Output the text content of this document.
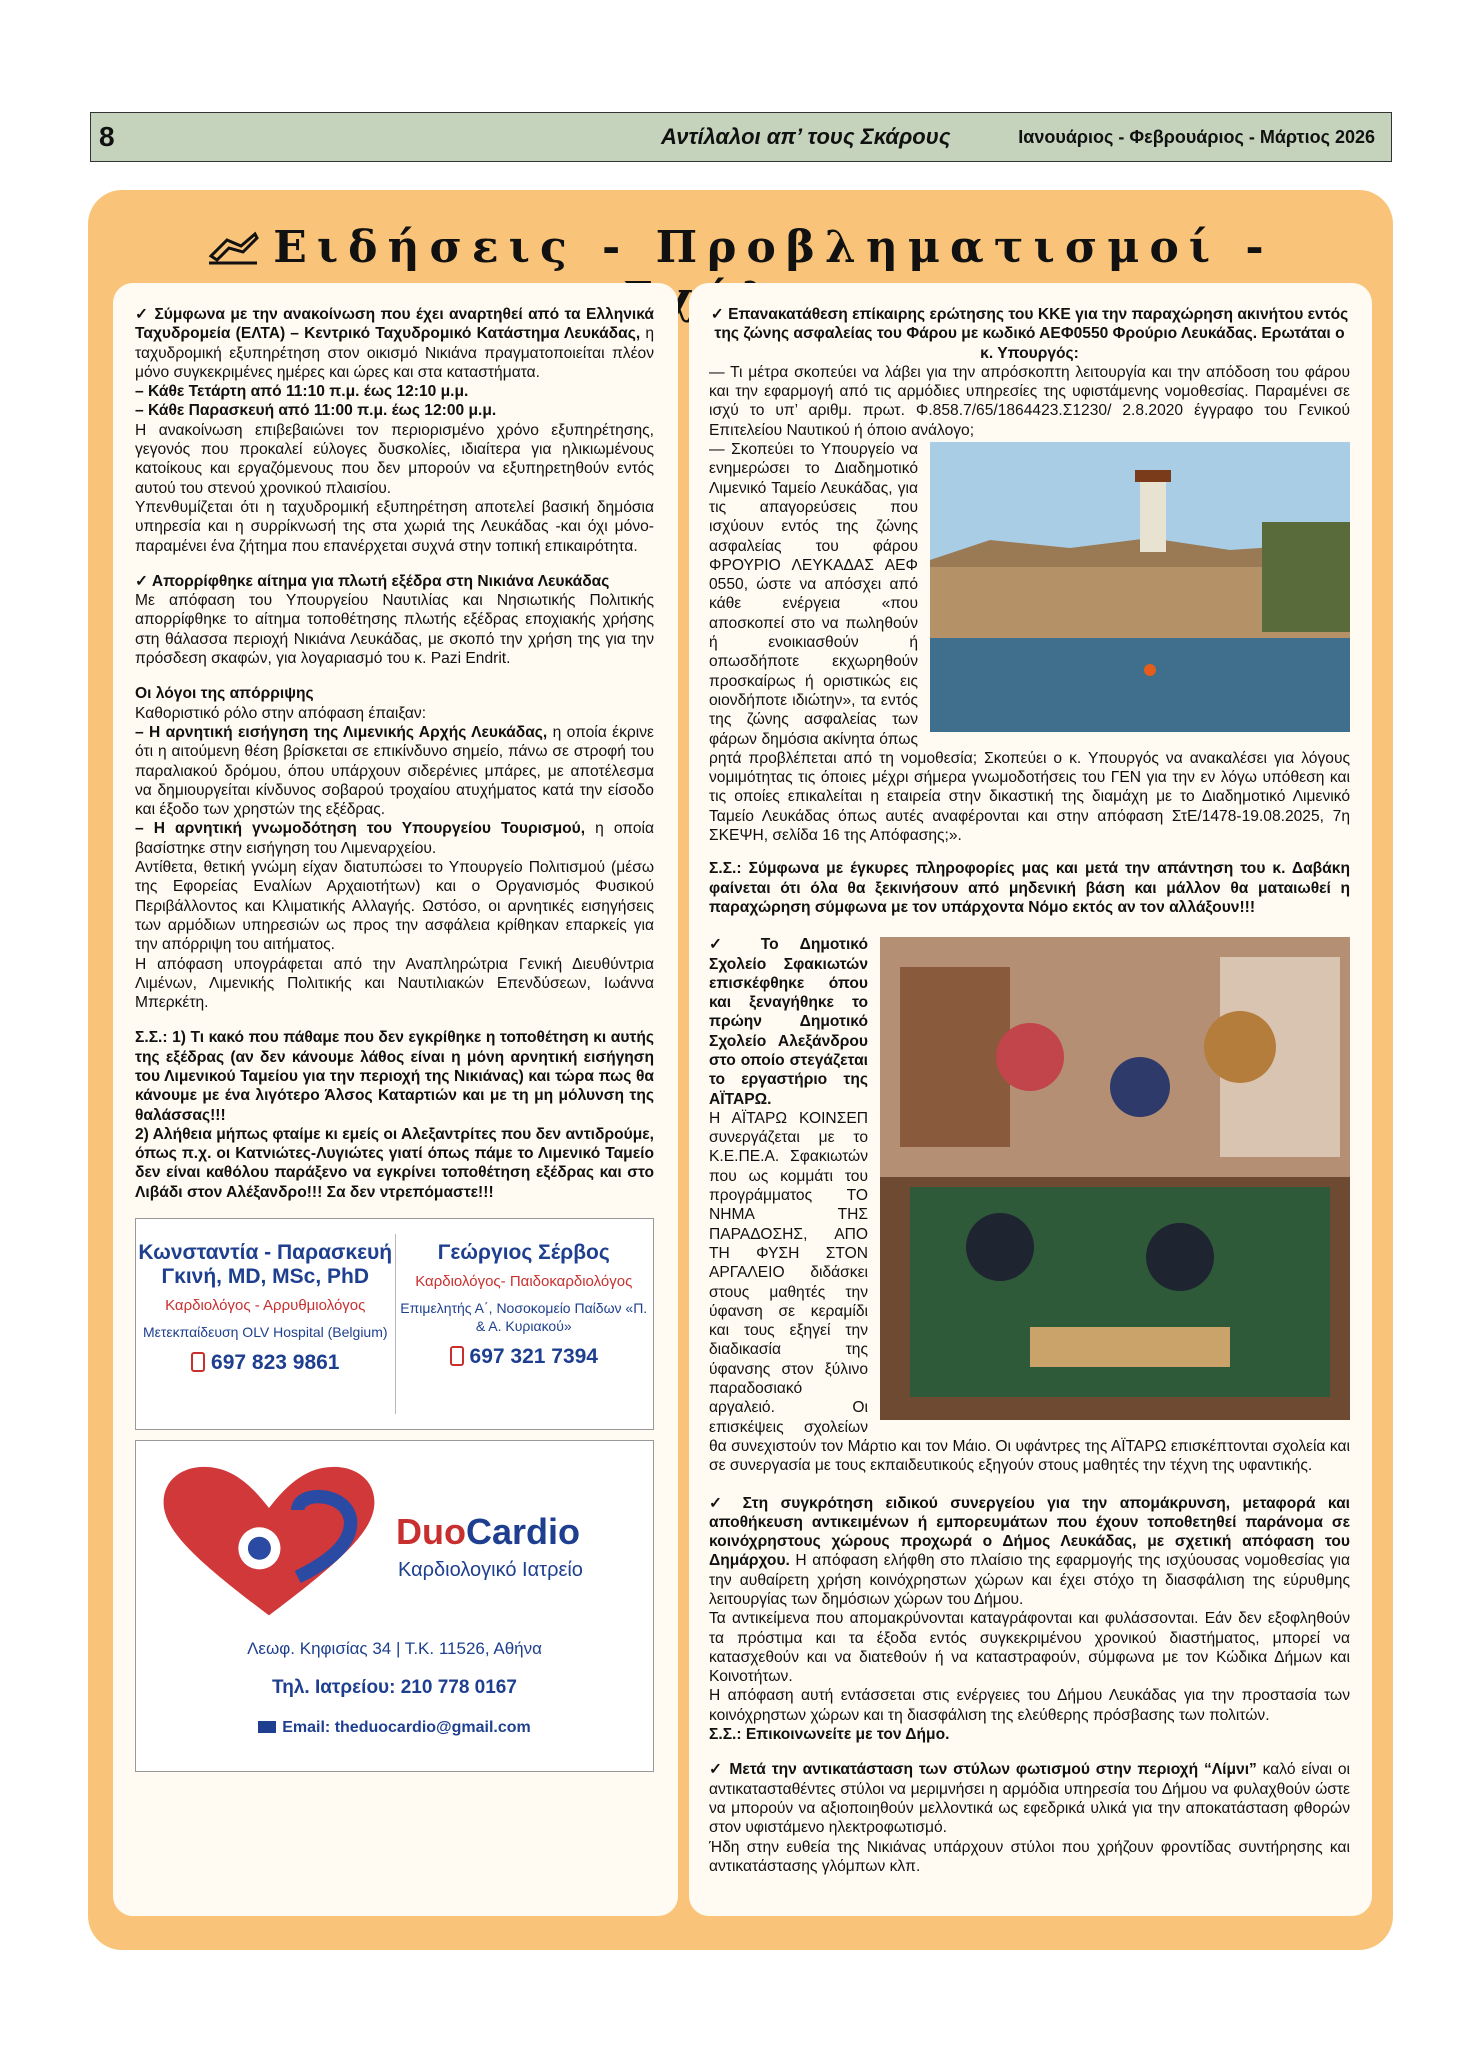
8	Αντίλαλοι απ’ τους Σκάρους	Ιανουάριος - Φεβρουάριος - Μάρτιος 2026
Ειδήσεις - Προβληματισμοί -

✓ Σύμφωνα με την ανακοίνωση που έχει αναρτηθεί από τα Ελληνικά Ταχυδρομεία (ΕΛΤΑ) – Κεντρικό Ταχυδρομικό Κατάστημα Λευκάδας, η ταχυδρομική εξυπηρέτηση στον οικισμό Νικιάνα πραγματοποιείται πλέον μόνο συγκεκριμένες ημέρες και ώρες και στα καταστήματα.

– Κάθε Τετάρτη από 11:10 π.μ. έως 12:10 μ.μ.

– Κάθε Παρασκευή από 11:00 π.μ. έως 12:00 μ.μ.

Η ανακοίνωση επιβεβαιώνει τον περιορισμένο χρόνο εξυπηρέτησης, γεγονός που προκαλεί εύλογες δυσκολίες, ιδιαίτερα για ηλικιωμένους κατοίκους και εργαζόμενους που δεν μπορούν να εξυπηρετηθούν εντός αυτού του στενού χρονικού πλαισίου.

Υπενθυμίζεται ότι η ταχυδρομική εξυπηρέτηση αποτελεί βασική δημόσια υπηρεσία και η συρρίκνωσή της στα χωριά της Λευκάδας -και όχι μόνο- παραμένει ένα ζήτημα που επανέρχεται συχνά στην τοπική επικαιρότητα.

✓ Απορρίφθηκε αίτημα για πλωτή εξέδρα στη Νικιάνα Λευκάδας

Με απόφαση του Υπουργείου Ναυτιλίας και Νησιωτικής Πολιτικής απορρίφθηκε το αίτημα τοποθέτησης πλωτής εξέδρας εποχιακής χρήσης στη θάλασσα περιοχή Νικιάνα Λευκάδας, με σκοπό την χρήση της για την πρόσδεση σκαφών, για λογαριασμό του κ. Pazi Endrit.

Οι λόγοι της απόρριψης

Καθοριστικό ρόλο στην απόφαση έπαιξαν:

– Η αρνητική εισήγηση της Λιμενικής Αρχής Λευκάδας, η οποία έκρινε ότι η αιτούμενη θέση βρίσκεται σε επικίνδυνο σημείο, πάνω σε στροφή του παραλιακού δρόμου, όπου υπάρχουν σιδερένιες μπάρες, με αποτέλεσμα να δημιουργείται κίνδυνος σοβαρού τροχαίου ατυχήματος κατά την είσοδο και έξοδο των χρηστών της εξέδρας.

– Η αρνητική γνωμοδότηση του Υπουργείου Τουρισμού, η οποία βασίστηκε στην εισήγηση του Λιμεναρχείου.

Αντίθετα, θετική γνώμη είχαν διατυπώσει το Υπουργείο Πολιτισμού (μέσω της Εφορείας Εναλίων Αρχαιοτήτων) και ο Οργανισμός Φυσικού Περιβάλλοντος και Κλιματικής Αλλαγής. Ωστόσο, οι αρνητικές εισηγήσεις των αρμόδιων υπηρεσιών ως προς την ασφάλεια κρίθηκαν επαρκείς για την απόρριψη του αιτήματος.

Η απόφαση υπογράφεται από την Αναπληρώτρια Γενική Διευθύντρια Λιμένων, Λιμενικής Πολιτικής και Ναυτιλιακών Επενδύσεων, Ιωάννα Μπερκέτη.

Σ.Σ.: 1) Τι κακό που πάθαμε που δεν εγκρίθηκε η τοποθέτηση κι αυτής της εξέδρας (αν δεν κάνουμε λάθος είναι η μόνη αρνητική εισήγηση του Λιμενικού Ταμείου για την περιοχή της Νικιάνας) και τώρα πως θα κάνουμε με ένα λιγότερο Άλσος Καταρτιών και με τη μη μόλυνση της θαλάσσας!!!

2) Αλήθεια μήπως φταίμε κι εμείς οι Αλεξαντρίτες που δεν αντιδρούμε, όπως π.χ. οι Κατνιώτες-Λυγιώτες γιατί όπως πάμε το Λιμενικό Ταμείο δεν είναι καθόλου παράξενο να εγκρίνει τοποθέτηση εξέδρας και στο Λιβάδι στον Αλέξανδρο!!! Σα δεν ντρεπόμαστε!!!

Κωνσταντία - Παρασκευή Γκινή, MD, MSc, PhD
Καρδιολόγος - Αρρυθμιολόγος
Μετεκπαίδευση OLV Hospital (Belgium)
697 823 9861
Γεώργιος Σέρβος
Καρδιολόγος- Παιδοκαρδιολόγος
Επιμελητής Α΄, Νοσοκομείο Παίδων «Π. & Α. Κυριακού»
697 321 7394
DuoCardio
Καρδιολογικό Ιατρείο
Λεωφ. Κηφισίας 34 | Τ.Κ. 11526, Αθήνα
Τηλ. Ιατρείου: 210 778 0167
Email: theduocardio@gmail.com

✓ Επανακατάθεση επίκαιρης ερώτησης του ΚΚΕ για την παραχώρηση ακινήτου εντός της ζώνης ασφαλείας του Φάρου με κωδικό ΑΕΦ0550 Φρούριο Λευκάδας. Ερωτάται ο κ. Υπουργός:

— Τι μέτρα σκοπεύει να λάβει για την απρόσκοπτη λειτουργία και την απόδοση του φάρου και την εφαρμογή από τις αρμόδιες υπηρεσίες της υφιστάμενης νομοθεσίας. Παραμένει σε ισχύ το υπ’ αριθμ. πρωτ. Φ.858.7/65/1864423.Σ1230/ 2.8.2020 έγγραφο του Γενικού Επιτελείου Ναυτικού ή όποιο ανάλογο;

— Σκοπεύει το Υπουργείο να ενημερώσει το Διαδημοτικό Λιμενικό Ταμείο Λευκάδας, για τις απαγορεύσεις που ισχύουν εντός της ζώνης ασφαλείας του φάρου ΦΡΟΥΡΙΟ ΛΕΥΚΑΔΑΣ ΑΕΦ 0550, ώστε να απόσχει από κάθε ενέργεια «που αποσκοπεί στο να πωληθούν ή ενοικιασθούν ή οπωσδήποτε εκχωρηθούν προσκαίρως ή οριστικώς εις οιονδήποτε ιδιώτην», τα εντός της ζώνης ασφαλείας των φάρων δημόσια ακίνητα όπως ρητά προβλέπεται από τη νομοθεσία; Σκοπεύει ο κ. Υπουργός να ανακαλέσει για λόγους νομιμότητας τις όποιες μέχρι σήμερα γνωμοδοτήσεις του ΓΕΝ για την εν λόγω υπόθεση και τις οποίες επικαλείται η εταιρεία στην δικαστική της διαμάχη με το Διαδημοτικό Λιμενικό Ταμείο Λευκάδας όπως αυτές αναφέρονται και στην απόφαση ΣτΕ/1478-19.08.2025, 7η ΣΚΕΨΗ, σελίδα 16 της Απόφασης;».

Σ.Σ.: Σύμφωνα με έγκυρες πληροφορίες μας και μετά την απάντηση του κ. Δαβάκη φαίνεται ότι όλα θα ξεκινήσουν από μηδενική βάση και μάλλον θα ματαιωθεί η παραχώρηση σύμφωνα με τον υπάρχοντα Νόμο εκτός αν τον αλλάξουν!!!

✓ Το Δημοτικό Σχολείο Σφακιωτών επισκέφθηκε όπου και ξεναγήθηκε το πρώην Δημοτικό Σχολείο Αλεξάνδρου στο οποίο στεγάζεται το εργαστήριο της ΑΪΤΑΡΩ.

Η ΑΪΤΑΡΩ ΚΟΙΝΣΕΠ συνεργάζεται με το Κ.Ε.ΠΕ.Α. Σφακιωτών που ως κομμάτι του προγράμματος ΤΟ ΝΗΜΑ ΤΗΣ ΠΑΡΑΔΟΣΗΣ, ΑΠΟ ΤΗ ΦΥΣΗ ΣΤΟΝ ΑΡΓΑΛΕΙΟ διδάσκει στους μαθητές την ύφανση σε κεραμίδι και τους εξηγεί την διαδικασία της ύφανσης στον ξύλινο παραδοσιακό αργαλειό. Οι επισκέψεις σχολείων θα συνεχιστούν τον Μάρτιο και τον Μάιο. Οι υφάντρες της ΑΪΤΑΡΩ επισκέπτονται σχολεία και σε συνεργασία με τους εκπαιδευτικούς εξηγούν στους μαθητές την τέχνη της υφαντικής.

✓ Στη συγκρότηση ειδικού συνεργείου για την απομάκρυνση, μεταφορά και αποθήκευση αντικειμένων ή εμπορευμάτων που έχουν τοποθετηθεί παράνομα σε κοινόχρηστους χώρους προχωρά ο Δήμος Λευκάδας, με σχετική απόφαση του Δημάρχου. Η απόφαση ελήφθη στο πλαίσιο της εφαρμογής της ισχύουσας νομοθεσίας για την αυθαίρετη χρήση κοινόχρηστων χώρων και έχει στόχο τη διασφάλιση της εύρυθμης λειτουργίας των δημόσιων χώρων του Δήμου.

Τα αντικείμενα που απομακρύνονται καταγράφονται και φυλάσσονται. Εάν δεν εξοφληθούν τα πρόστιμα και τα έξοδα εντός συγκεκριμένου χρονικού διαστήματος, μπορεί να κατασχεθούν και να διατεθούν ή να καταστραφούν, σύμφωνα με τον Κώδικα Δήμων και Κοινοτήτων.

Η απόφαση αυτή εντάσσεται στις ενέργειες του Δήμου Λευκάδας για την προστασία των κοινόχρηστων χώρων και τη διασφάλιση της ελεύθερης πρόσβασης των πολιτών.

Σ.Σ.: Επικοινωνείτε με τον Δήμο.

✓ Μετά την αντικατάσταση των στύλων φωτισμού στην περιοχή “Λίμνι” καλό είναι οι αντικατασταθέντες στύλοι να μεριμνήσει η αρμόδια υπηρεσία του Δήμου να φυλαχθούν ώστε να μπορούν να αξιοποιηθούν μελλοντικά ως εφεδρικά υλικά για την αποκατάσταση φθορών στον υφιστάμενο ηλεκτροφωτισμό.

Ήδη στην ευθεία της Νικιάνας υπάρχουν στύλοι που χρήζουν φροντίδας συντήρησης και αντικατάστασης γλόμπων κλπ.
